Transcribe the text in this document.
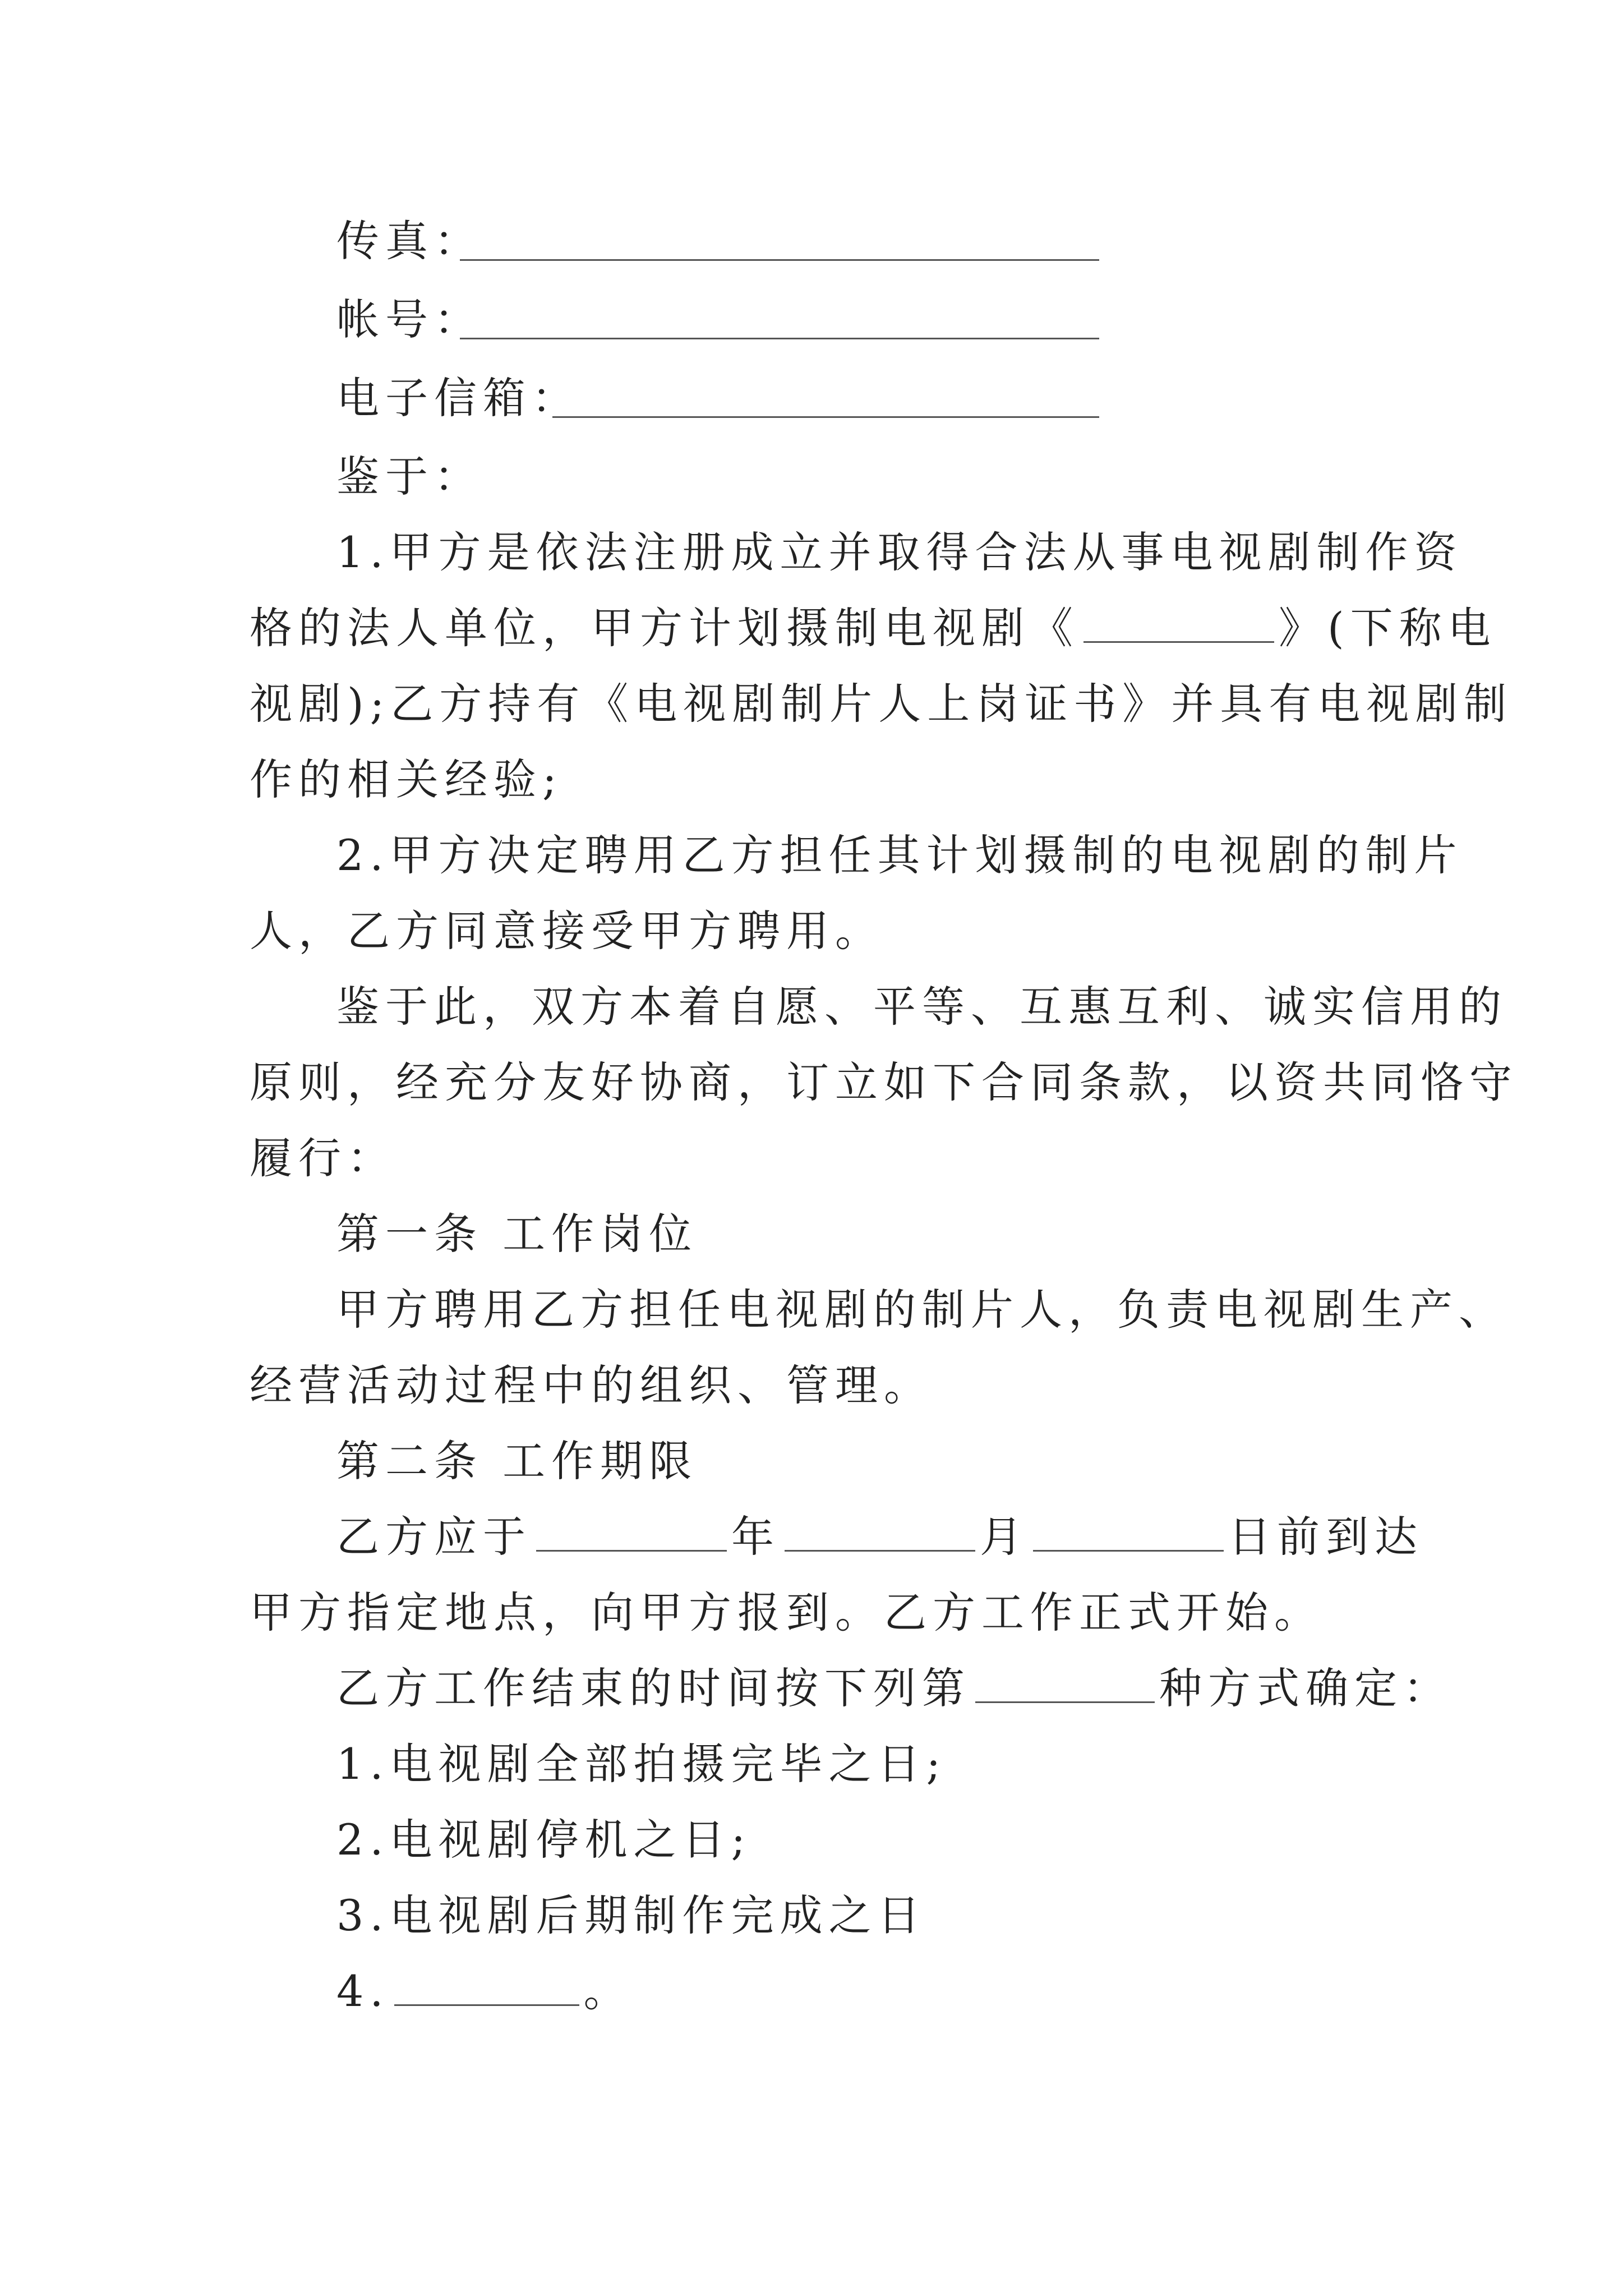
传真：
帐号：
电子信箱：
鉴于：
1.甲方是依法注册成立并取得合法从事电视剧制作资
格的法人单位，甲方计划摄制电视剧《	》(下称电
视剧);乙方持有《电视剧制片人上岗证书》并具有电视剧制
作的相关经验;
2.甲方决定聘用乙方担任其计划摄制的电视剧的制片
人，乙方同意接受甲方聘用。
鉴于此，双方本着自愿、平等、互惠互利、诚实信用的
原则，经充分友好协商，订立如下合同条款，以资共同恪守
履行：
第一条 工作岗位
甲方聘用乙方担任电视剧的制片人，负责电视剧生产、
经营活动过程中的组织、管理。
第二条 工作期限
乙方应于	年	月	日前到达
甲方指定地点，向甲方报到。乙方工作正式开始。
乙方工作结束的时间按下列第	种方式确定：
1.电视剧全部拍摄完毕之日;
2.电视剧停机之日;
3.电视剧后期制作完成之日
4.	。
